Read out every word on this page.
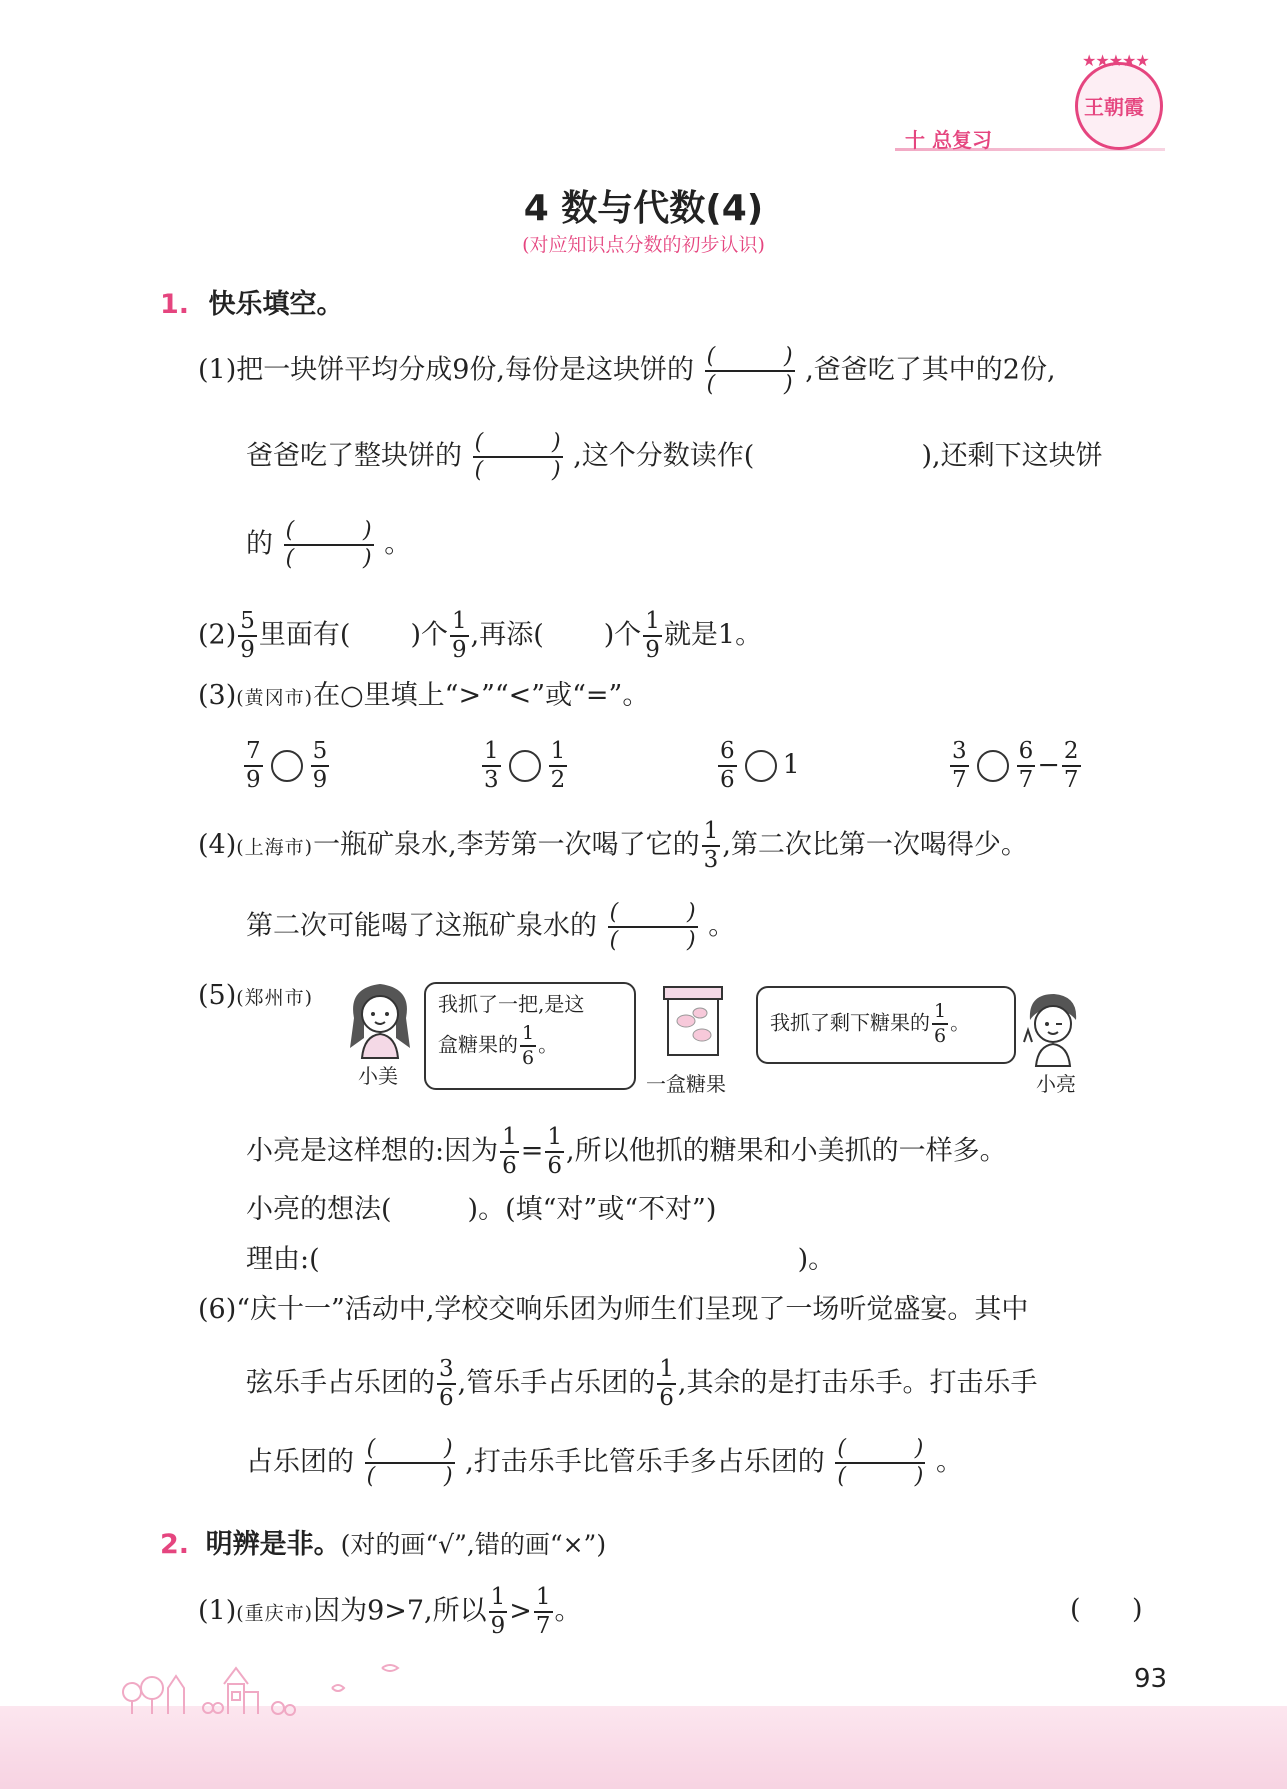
十 总复习
★★★★★
王朝霞
4 数与代数(4)
(对应知识点分数的初步认识)
1. 快乐填空。
(1)把一块饼平均分成9份,每份是这块饼的 (	)
(	) ,爸爸吃了其中的2份,
爸爸吃了整块饼的 (	)
(	) ,这个分数读作(	),还剩下这块饼
的 (	)
(	) 。
$(2) \frac{5}{9}$ 里面有( )个 $\frac{1}{9}$ ,再添( )个 $\frac{1}{9}$ 就是1。
(3)(黄冈市)在○里填上“>”“<”或“=”。
$\frac{7}{9} \frac{5}{9}$	$\frac{1}{3} \frac{1}{2}$	$\frac{6}{6} 1$	$\frac{3}{7} \frac{6}{7} - \frac{2}{7}$
(4)(上海市)一瓶矿泉水,李芳第一次喝了它的 $\frac{1}{3}$ ,第二次比第一次喝得少。
第二次可能喝了这瓶矿泉水的 (	)
(	) 。
(5)(郑州市)
小美
我抓了一把,是这
盒糖果的 $\frac{1}{6}$ 。
一盒糖果
我抓了剩下糖果的 $\frac{1}{6}$ 。
小亮
小亮是这样想的:因为 $\frac{1}{6} = \frac{1}{6}$ ,所以他抓的糖果和小美抓的一样多。
小亮的想法(	)。(填“对”或“不对”)
理由:(	)。
(6)“庆十一”活动中,学校交响乐团为师生们呈现了一场听觉盛宴。其中
弦乐手占乐团的 $\frac{3}{6}$ ,管乐手占乐团的 $\frac{1}{6}$ ,其余的是打击乐手。打击乐手
占乐团的 (	)
(	) ,打击乐手比管乐手多占乐团的 (	)
(	) 。
2. 明辨是非。(对的画“√”,错的画“×”)
(1)(重庆市)因为9>7,所以 $\frac{1}{9} > \frac{1}{7}$ 。	(      )
93
